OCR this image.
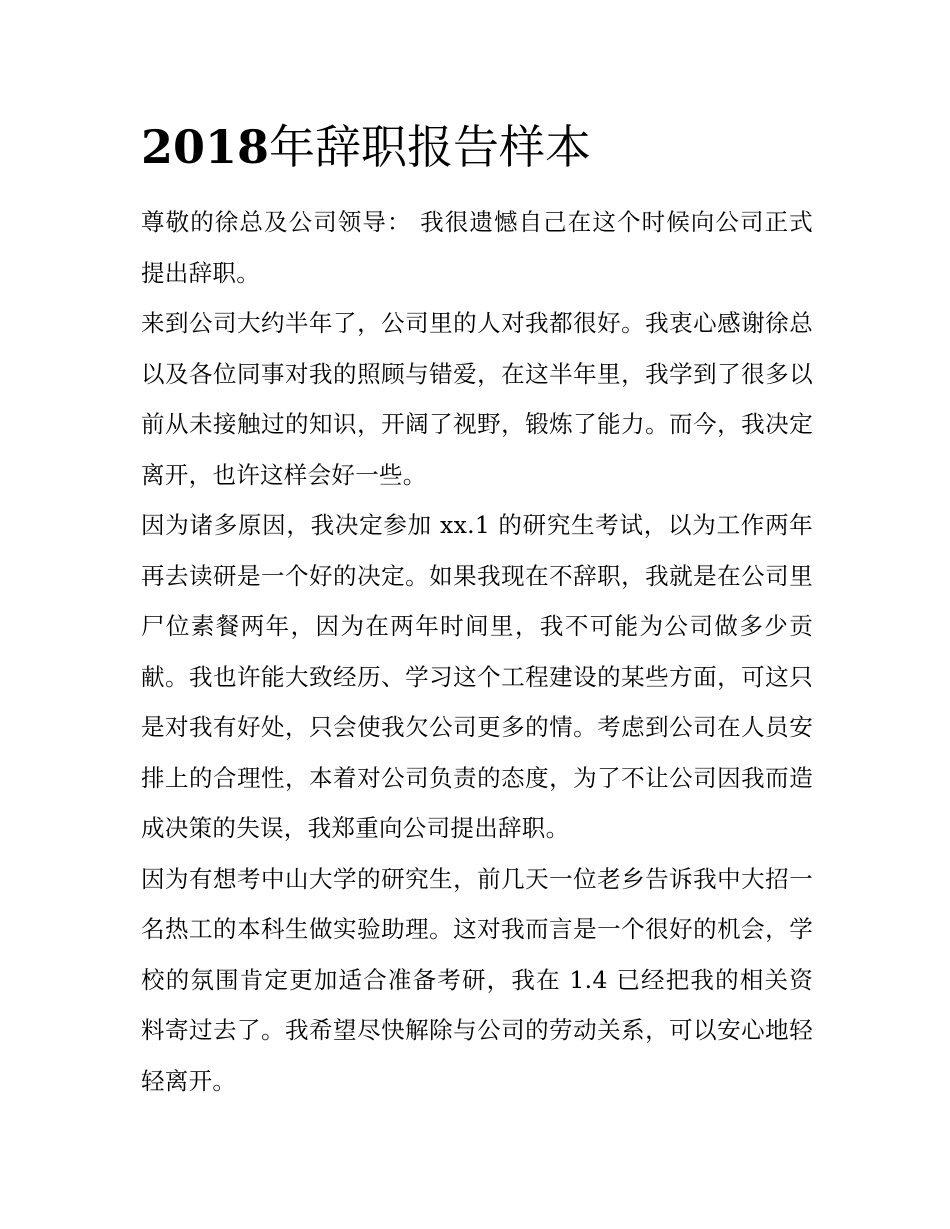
2018年辞职报告样本

尊敬的徐总及公司领导： 我很遗憾自己在这个时候向公司正式提出辞职。

来到公司大约半年了，公司里的人对我都很好。我衷心感谢徐总以及各位同事对我的照顾与错爱，在这半年里，我学到了很多以前从未接触过的知识，开阔了视野，锻炼了能力。而今，我决定离开，也许这样会好一些。

因为诸多原因，我决定参加 xx.1 的研究生考试，以为工作两年再去读研是一个好的决定。如果我现在不辞职，我就是在公司里尸位素餐两年，因为在两年时间里，我不可能为公司做多少贡献。我也许能大致经历、学习这个工程建设的某些方面，可这只是对我有好处，只会使我欠公司更多的情。考虑到公司在人员安排上的合理性，本着对公司负责的态度，为了不让公司因我而造成决策的失误，我郑重向公司提出辞职。

因为有想考中山大学的研究生，前几天一位老乡告诉我中大招一名热工的本科生做实验助理。这对我而言是一个很好的机会，学校的氛围肯定更加适合准备考研，我在 1.4 已经把我的相关资料寄过去了。我希望尽快解除与公司的劳动关系，可以安心地轻轻离开。
